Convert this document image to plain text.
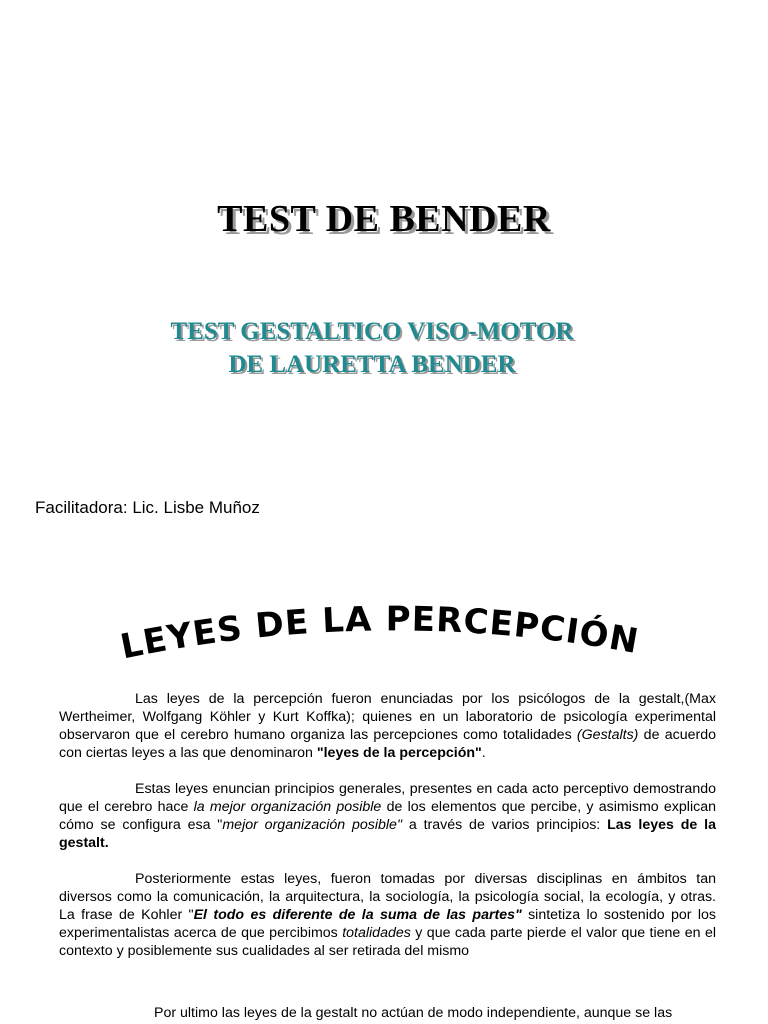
TEST DE BENDER
TEST GESTALTICO VISO-MOTOR
DE LAURETTA BENDER
Facilitadora: Lic. Lisbe Muñoz
LEYES DE LA PERCEPCIÓN

Las leyes de la percepción fueron enunciadas por los psicólogos de la gestalt,(Max Wertheimer, Wolfgang Köhler y Kurt Koffka); quienes en un laboratorio de psicología experimental observaron que el cerebro humano organiza las percepciones como totalidades (Gestalts) de acuerdo con ciertas leyes a las que denominaron "leyes de la percepción".

Estas leyes enuncian principios generales, presentes en cada acto perceptivo demostrando que el cerebro hace la mejor organización posible de los elementos que percibe, y asimismo explican cómo se configura esa "mejor organización posible" a través de varios principios: Las leyes de la gestalt.

Posteriormente estas leyes, fueron tomadas por diversas disciplinas en ámbitos tan diversos como la comunicación, la arquitectura, la sociología, la psicología social, la ecología, y otras. La frase de Kohler "El todo es diferente de la suma de las partes" sintetiza lo sostenido por los experimentalistas acerca de que percibimos totalidades y que cada parte pierde el valor que tiene en el contexto y posiblemente sus cualidades al ser retirada del mismo

Por ultimo las leyes de la gestalt no actúan de modo independiente, aunque se las
